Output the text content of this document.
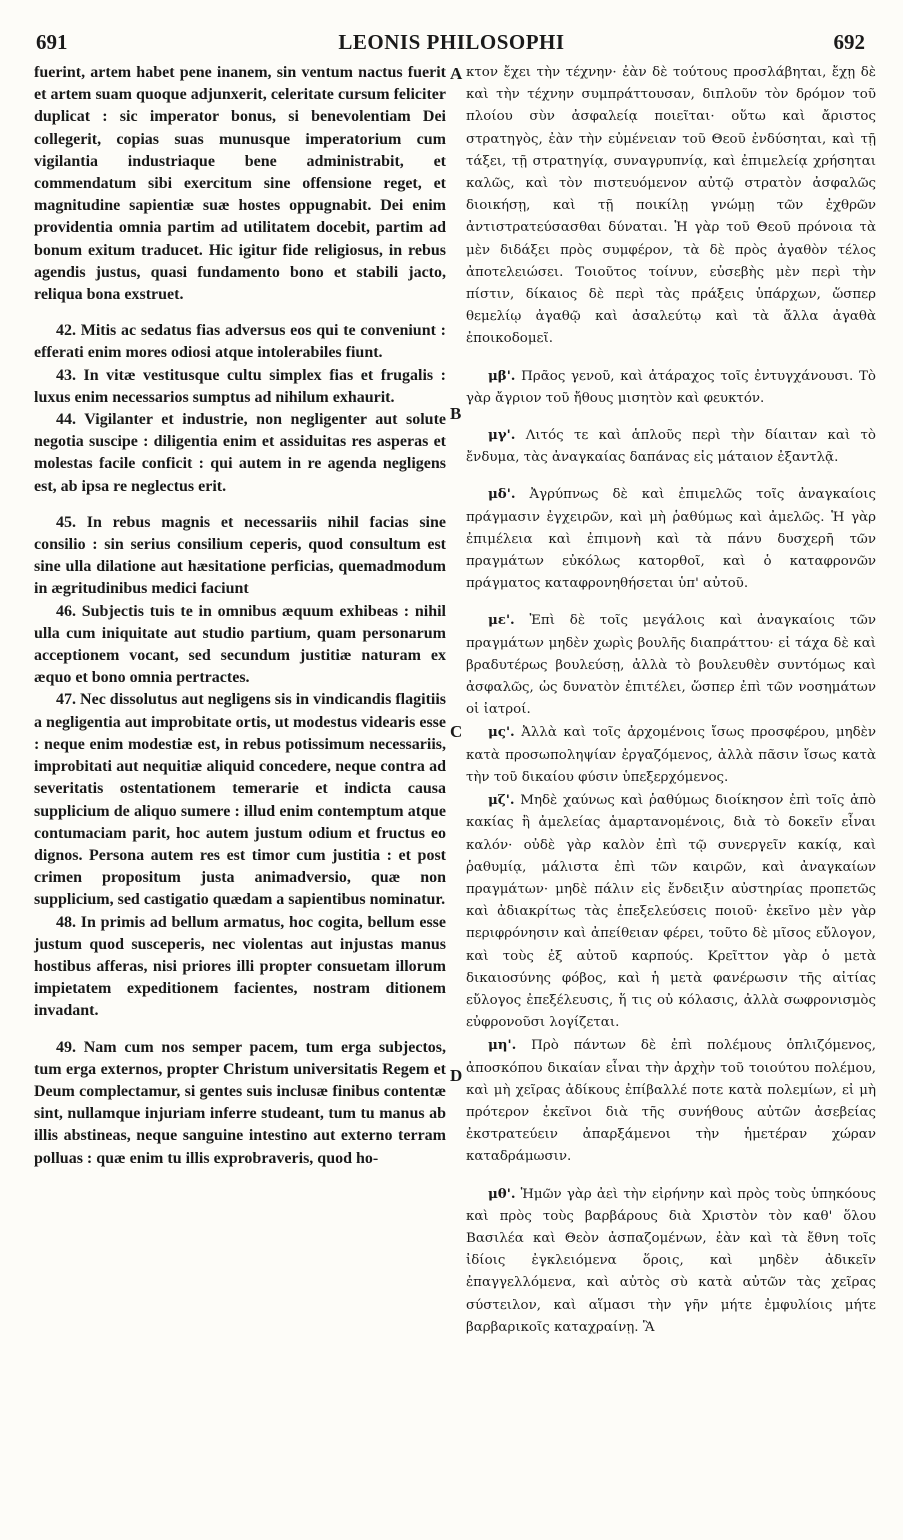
691	LEONIS PHILOSOPHI	692

fuerint, artem habet pene inanem, sin ventum nactus fuerit et artem suam quoque adjunxerit, celeritate cursum feliciter duplicat : sic imperator bonus, si benevolentiam Dei collegerit, copias suas munusque imperatorium cum vigilantia industriaque bene administrabit, et commendatum sibi exercitum sine offensione reget, et magnitudine sapientiæ suæ hostes oppugnabit. Dei enim providentia omnia partim ad utilitatem docebit, partim ad bonum exitum traducet. Hic igitur fide religiosus, in rebus agendis justus, quasi fundamento bono et stabili jacto, reliqua bona exstruet.

42. Mitis ac sedatus fias adversus eos qui te conveniunt : efferati enim mores odiosi atque intolerabiles fiunt.

43. In vitæ vestitusque cultu simplex fias et frugalis : luxus enim necessarios sumptus ad nihilum exhaurit.

44. Vigilanter et industrie, non negligenter aut solute negotia suscipe : diligentia enim et assiduitas res asperas et molestas facile conficit : qui autem in re agenda negligens est, ab ipsa re neglectus erit.

45. In rebus magnis et necessariis nihil facias sine consilio : sin serius consilium ceperis, quod consultum est sine ulla dilatione aut hæsitatione perficias, quemadmodum in ægritudinibus medici faciunt

46. Subjectis tuis te in omnibus æquum exhibeas : nihil ulla cum iniquitate aut studio partium, quam personarum acceptionem vocant, sed secundum justitiæ naturam ex æquo et bono omnia pertractes.

47. Nec dissolutus aut negligens sis in vindicandis flagitiis a negligentia aut improbitate ortis, ut modestus videaris esse : neque enim modestiæ est, in rebus potissimum necessariis, improbitati aut nequitiæ aliquid concedere, neque contra ad severitatis ostentationem temerarie et indicta causa supplicium de aliquo sumere : illud enim contemptum atque contumaciam parit, hoc autem justum odium et fructus eo dignos. Persona autem res est timor cum justitia : et post crimen propositum justa animadversio, quæ non supplicium, sed castigatio quædam a sapientibus nominatur.

48. In primis ad bellum armatus, hoc cogita, bellum esse justum quod susceperis, nec violentas aut injustas manus hostibus afferas, nisi priores illi propter consuetam illorum impietatem expeditionem facientes, nostram ditionem invadant.

49. Nam cum nos semper pacem, tum erga subjectos, tum erga externos, propter Christum universitatis Regem et Deum complectamur, si gentes suis inclusæ finibus contentæ sint, nullamque injuriam inferre studeant, tum tu manus ab illis abstineas, neque sanguine intestino aut externo terram polluas : quæ enim tu illis exprobraveris, quod ho-

κτον ἔχει τὴν τέχνην· ἐὰν δὲ τούτους προσλάβηται, ἔχῃ δὲ καὶ τὴν τέχνην συμπράττουσαν, διπλοῦν τὸν δρόμον τοῦ πλοίου σὺν ἀσφαλείᾳ ποιεῖται· οὕτω καὶ ἄριστος στρατηγὸς, ἐὰν τὴν εὐμένειαν τοῦ Θεοῦ ἐνδύσηται, καὶ τῇ τάξει, τῇ στρατηγίᾳ, συναγρυπνίᾳ, καὶ ἐπιμελείᾳ χρήσηται καλῶς, καὶ τὸν πιστευόμενον αὐτῷ στρατὸν ἀσφαλῶς διοικήσῃ, καὶ τῇ ποικίλῃ γνώμῃ τῶν ἐχθρῶν ἀντιστρατεύσασθαι δύναται. Ἡ γὰρ τοῦ Θεοῦ πρόνοια τὰ μὲν διδάξει πρὸς συμφέρον, τὰ δὲ πρὸς ἀγαθὸν τέλος ἀποτελειώσει. Τοιοῦτος τοίνυν, εὐσεβὴς μὲν περὶ τὴν πίστιν, δίκαιος δὲ περὶ τὰς πράξεις ὑπάρχων, ὥσπερ θεμελίῳ ἀγαθῷ καὶ ἀσαλεύτῳ καὶ τὰ ἄλλα ἀγαθὰ ἐποικοδομεῖ.

μβ'. Πρᾶος γενοῦ, καὶ ἀτάραχος τοῖς ἐντυγχάνουσι. Τὸ γὰρ ἄγριον τοῦ ἤθους μισητὸν καὶ φευκτόν.

μγ'. Λιτός τε καὶ ἁπλοῦς περὶ τὴν δίαιταν καὶ τὸ ἔνδυμα, τὰς ἀναγκαίας δαπάνας εἰς μάταιον ἐξαντλᾷ.

μδ'. Ἀγρύπνως δὲ καὶ ἐπιμελῶς τοῖς ἀναγκαίοις πράγμασιν ἐγχειρῶν, καὶ μὴ ῥαθύμως καὶ ἀμελῶς. Ἡ γὰρ ἐπιμέλεια καὶ ἐπιμονὴ καὶ τὰ πάνυ δυσχερῆ τῶν πραγμάτων εὐκόλως κατορθοῖ, καὶ ὁ καταφρονῶν πράγματος καταφρονηθήσεται ὑπ' αὐτοῦ.

με'. Ἐπὶ δὲ τοῖς μεγάλοις καὶ ἀναγκαίοις τῶν πραγμάτων μηδὲν χωρὶς βουλῆς διαπράττου· εἰ τάχα δὲ καὶ βραδυτέρως βουλεύσῃ, ἀλλὰ τὸ βουλευθὲν συντόμως καὶ ἀσφαλῶς, ὡς δυνατὸν ἐπιτέλει, ὥσπερ ἐπὶ τῶν νοσημάτων οἱ ἰατροί.

μς'. Ἀλλὰ καὶ τοῖς ἀρχομένοις ἴσως προσφέρου, μηδὲν κατὰ προσωποληψίαν ἐργαζόμενος, ἀλλὰ πᾶσιν ἴσως κατὰ τὴν τοῦ δικαίου φύσιν ὑπεξερχόμενος.

μζ'. Μηδὲ χαύνως καὶ ῥαθύμως διοίκησον ἐπὶ τοῖς ἀπὸ κακίας ἢ ἀμελείας ἁμαρτανομένοις, διὰ τὸ δοκεῖν εἶναι καλόν· οὐδὲ γὰρ καλὸν ἐπὶ τῷ συνεργεῖν κακίᾳ, καὶ ῥαθυμίᾳ, μάλιστα ἐπὶ τῶν καιρῶν, καὶ ἀναγκαίων πραγμάτων· μηδὲ πάλιν εἰς ἔνδειξιν αὐστηρίας προπετῶς καὶ ἀδιακρίτως τὰς ἐπεξελεύσεις ποιοῦ· ἐκεῖνο μὲν γὰρ περιφρόνησιν καὶ ἀπείθειαν φέρει, τοῦτο δὲ μῖσος εὔλογον, καὶ τοὺς ἐξ αὐτοῦ καρπούς. Κρεῖττον γὰρ ὁ μετὰ δικαιοσύνης φόβος, καὶ ἡ μετὰ φανέρωσιν τῆς αἰτίας εὔλογος ἐπεξέλευσις, ἥ τις οὐ κόλασις, ἀλλὰ σωφρονισμὸς εὐφρονοῦσι λογίζεται.

μη'. Πρὸ πάντων δὲ ἐπὶ πολέμους ὁπλιζόμενος, ἀποσκόπου δικαίαν εἶναι τὴν ἀρχὴν τοῦ τοιούτου πολέμου, καὶ μὴ χεῖρας ἀδίκους ἐπίβαλλέ ποτε κατὰ πολεμίων, εἰ μὴ πρότερον ἐκεῖνοι διὰ τῆς συνήθους αὐτῶν ἀσεβείας ἐκστρατεύειν ἀπαρξάμενοι τὴν ἡμετέραν χώραν καταδράμωσιν.

μθ'. Ἡμῶν γὰρ ἀεὶ τὴν εἰρήνην καὶ πρὸς τοὺς ὑπηκόους καὶ πρὸς τοὺς βαρβάρους διὰ Χριστὸν τὸν καθ' ὅλου Βασιλέα καὶ Θεὸν ἀσπαζομένων, ἐὰν καὶ τὰ ἔθνη τοῖς ἰδίοις ἐγκλειόμενα ὅροις, καὶ μηδὲν ἀδικεῖν ἐπαγγελλόμενα, καὶ αὐτὸς σὺ κατὰ αὐτῶν τὰς χεῖρας σύστειλον, καὶ αἵμασι τὴν γῆν μήτε ἐμφυλίοις μήτε βαρβαρικοῖς καταχραίνῃ. Ἃ

A
B
C
D
